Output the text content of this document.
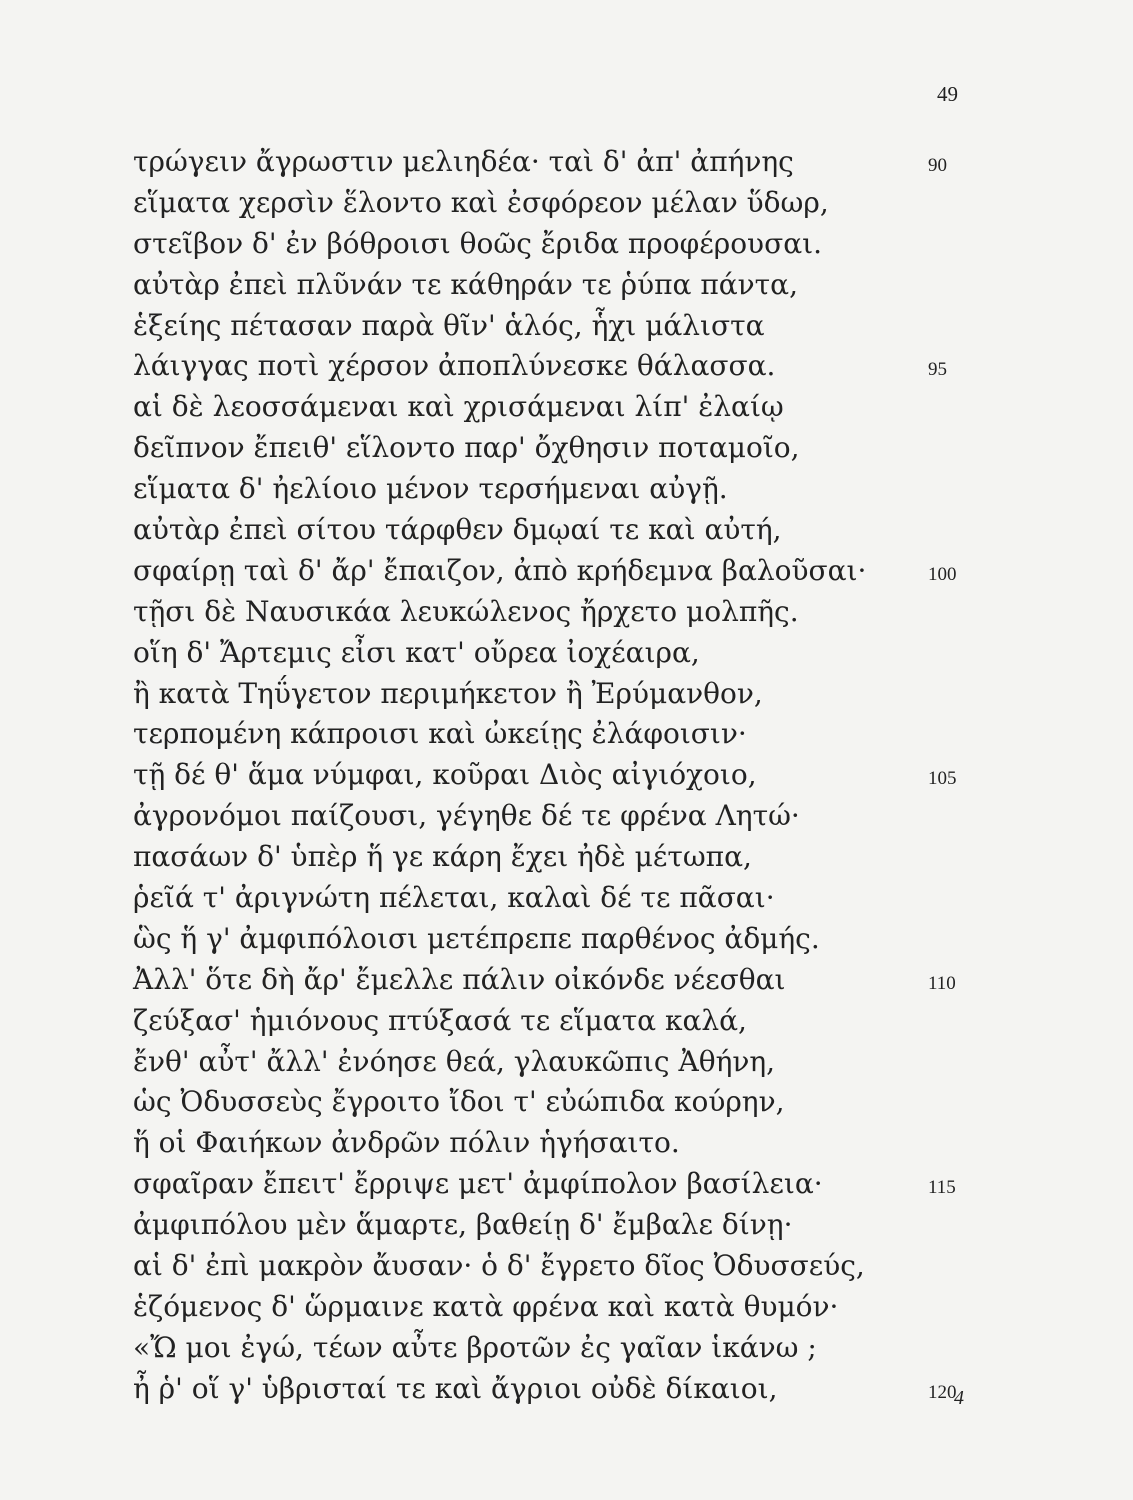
49
τρώγειν ἄγρωστιν μελιηδέα· ταὶ δ' ἀπ' ἀπήνης	90
εἵματα χερσὶν ἕλοντο καὶ ἐσφόρεον μέλαν ὕδωρ,
στεῖβον δ' ἐν βόθροισι θοῶς ἔριδα προφέρουσαι.
αὐτὰρ ἐπεὶ πλῦνάν τε κάθηράν τε ῥύπα πάντα,
ἑξείης πέτασαν παρὰ θῖν' ἁλός, ἧχι μάλιστα
λάιγγας ποτὶ χέρσον ἀποπλύνεσκε θάλασσα.	95
αἱ δὲ λεοσσάμεναι καὶ χρισάμεναι λίπ' ἐλαίῳ
δεῖπνον ἔπειθ' εἵλοντο παρ' ὄχθησιν ποταμοῖο,
εἵματα δ' ἠελίοιο μένον τερσήμεναι αὐγῇ.
αὐτὰρ ἐπεὶ σίτου τάρφθεν δμῳαί τε καὶ αὐτή,
σφαίρῃ ταὶ δ' ἄρ' ἔπαιζον, ἀπὸ κρήδεμνα βαλοῦσαι·	100
τῇσι δὲ Ναυσικάα λευκώλενος ἤρχετο μολπῆς.
οἵη δ' Ἄρτεμις εἶσι κατ' οὔρεα ἰοχέαιρα,
ἢ κατὰ Τηΰγετον περιμήκετον ἢ Ἐρύμανθον,
τερπομένη κάπροισι καὶ ὠκείῃς ἐλάφοισιν·
τῇ δέ θ' ἅμα νύμφαι, κοῦραι Διὸς αἰγιόχοιο,	105
ἀγρονόμοι παίζουσι, γέγηθε δέ τε φρένα Λητώ·
πασάων δ' ὑπὲρ ἥ γε κάρη ἔχει ἠδὲ μέτωπα,
ῥεῖά τ' ἀριγνώτη πέλεται, καλαὶ δέ τε πᾶσαι·
ὣς ἥ γ' ἀμφιπόλοισι μετέπρεπε παρθένος ἀδμής.
Ἀλλ' ὅτε δὴ ἄρ' ἔμελλε πάλιν οἰκόνδε νέεσθαι	110
ζεύξασ' ἡμιόνους πτύξασά τε εἵματα καλά,
ἔνθ' αὖτ' ἄλλ' ἐνόησε θεά, γλαυκῶπις Ἀθήνη,
ὡς Ὀδυσσεὺς ἔγροιτο ἴδοι τ' εὐώπιδα κούρην,
ἥ οἱ Φαιήκων ἀνδρῶν πόλιν ἡγήσαιτο.
σφαῖραν ἔπειτ' ἔρριψε μετ' ἀμφίπολον βασίλεια·	115
ἀμφιπόλου μὲν ἅμαρτε, βαθείῃ δ' ἔμβαλε δίνῃ·
αἱ δ' ἐπὶ μακρὸν ἄυσαν· ὁ δ' ἔγρετο δῖος Ὀδυσσεύς,
ἑζόμενος δ' ὥρμαινε κατὰ φρένα καὶ κατὰ θυμόν·
«Ὤ μοι ἐγώ, τέων αὖτε βροτῶν ἐς γαῖαν ἱκάνω ;
ἦ ῥ' οἵ γ' ὑβρισταί τε καὶ ἄγριοι οὐδὲ δίκαιοι,	120
4
